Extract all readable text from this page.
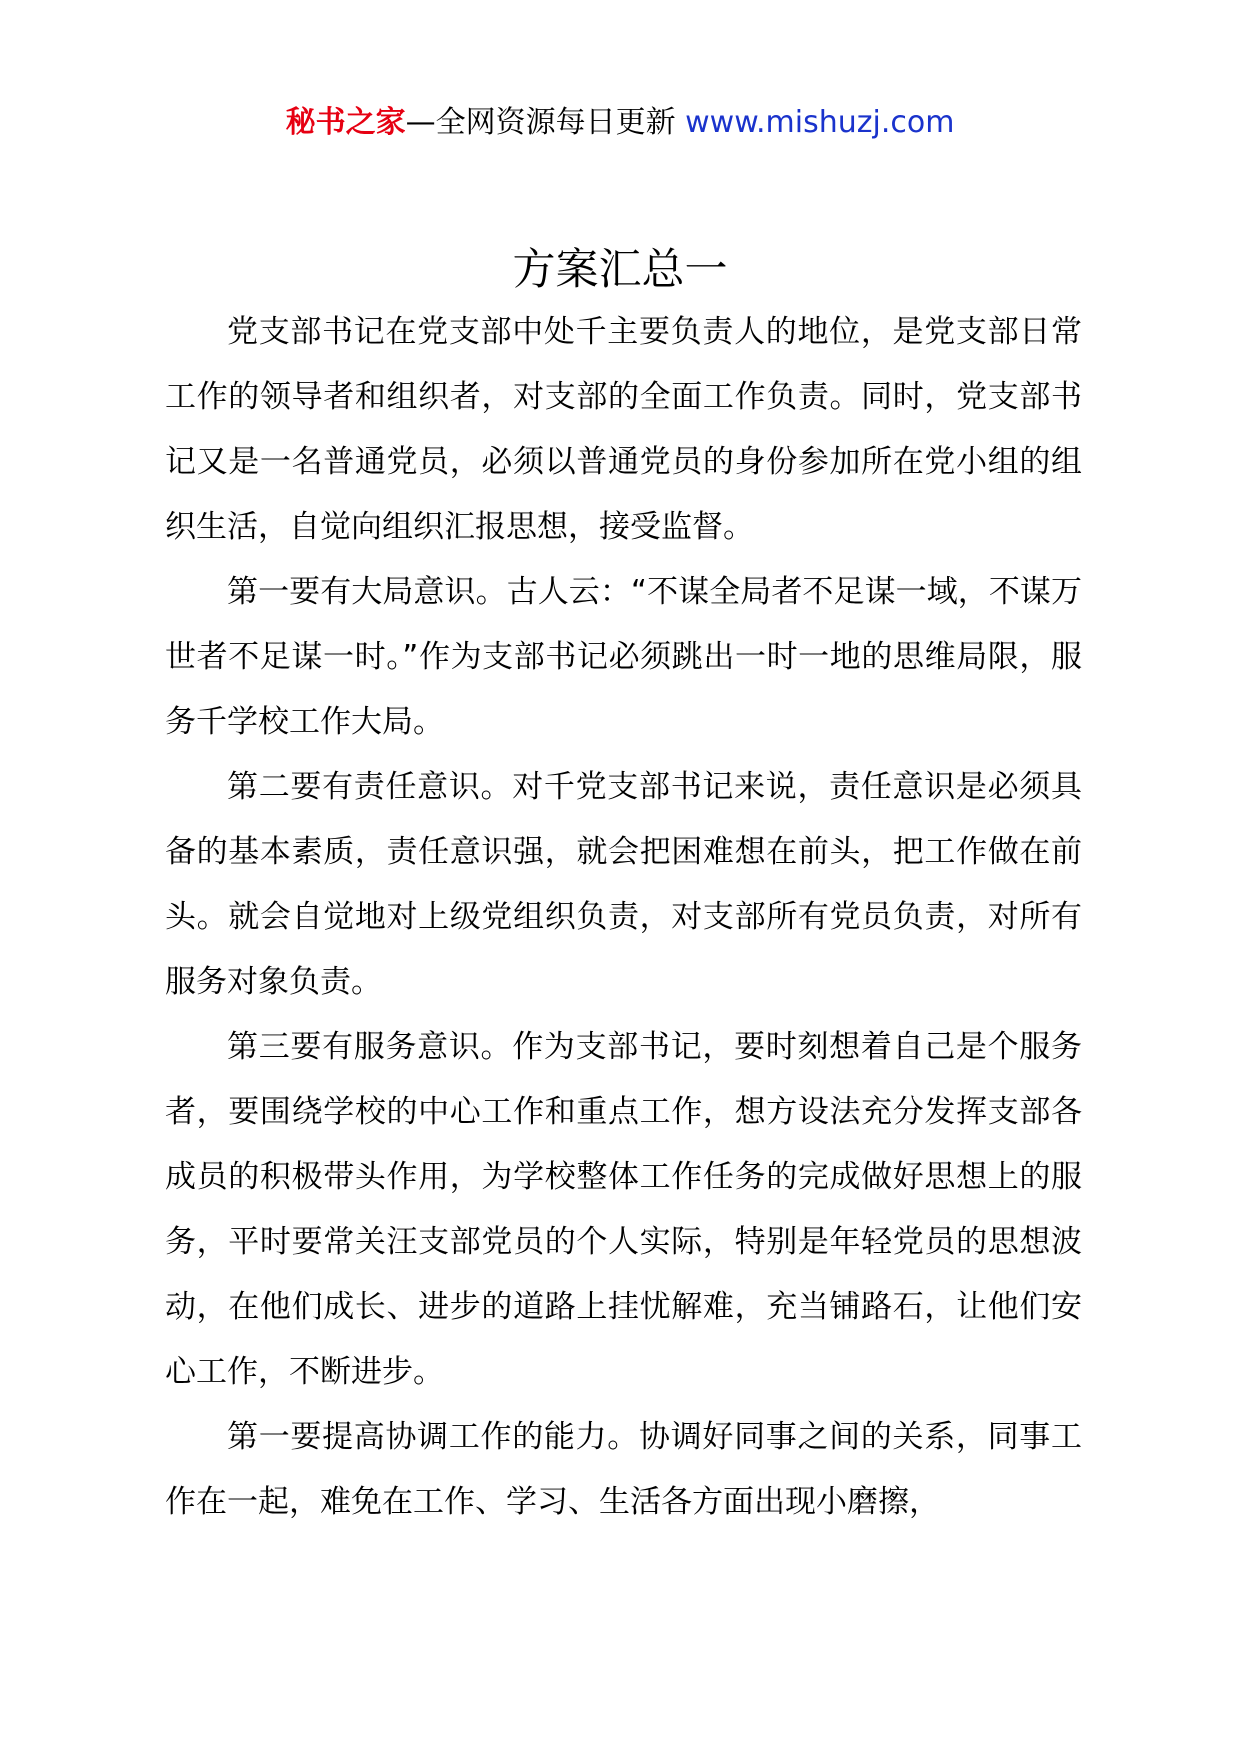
秘书之家—全网资源每日更新 www.mishuzj.com
方案汇总一

党支部书记在党支部中处千主要负责人的地位，是党支部日常工作的领导者和组织者，对支部的全面工作负责。同时，党支部书记又是一名普通党员，必须以普通党员的身份参加所在党小组的组织生活，自觉向组织汇报思想，接受监督。

第一要有大局意识。古人云：“不谋全局者不足谋一域，不谋万世者不足谋一时。”作为支部书记必须跳出一时一地的思维局限，服务千学校工作大局。

第二要有责任意识。对千党支部书记来说，责任意识是必须具备的基本素质，责任意识强，就会把困难想在前头，把工作做在前头。就会自觉地对上级党组织负责，对支部所有党员负责，对所有服务对象负责。

第三要有服务意识。作为支部书记，要时刻想着自己是个服务者，要围绕学校的中心工作和重点工作，想方设法充分发挥支部各成员的积极带头作用，为学校整体工作任务的完成做好思想上的服务，平时要常关汪支部党员的个人实际，特别是年轻党员的思想波动，在他们成长、进步的道路上挂忧解难，充当铺路石，让他们安心工作，不断进步。

第一要提高协调工作的能力。协调好同事之间的关系，同事工作在一起，难免在工作、学习、生活各方面出现小磨擦，
